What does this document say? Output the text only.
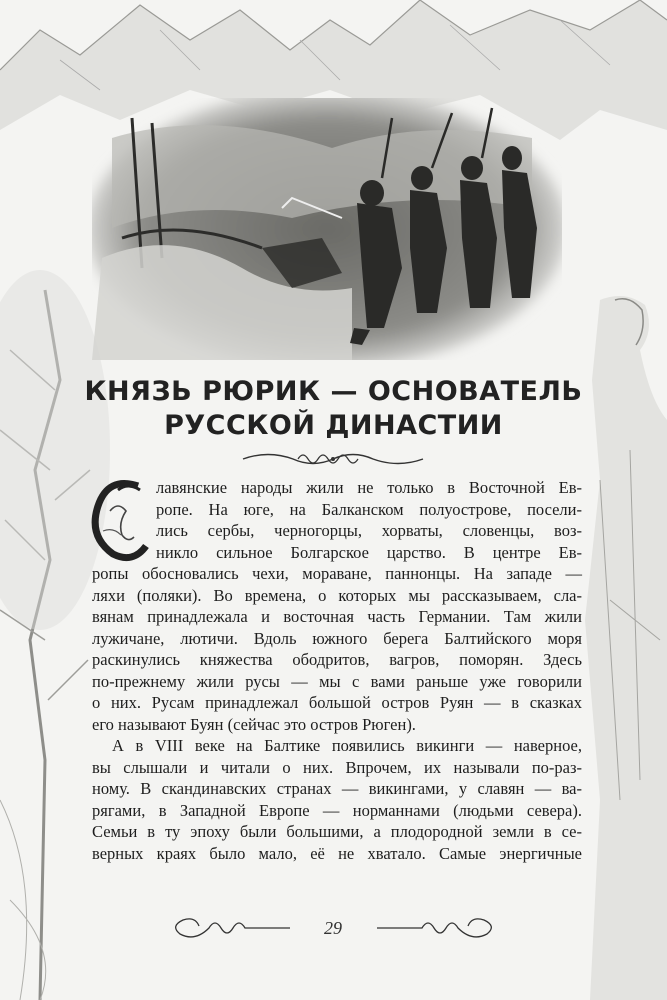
КНЯЗЬ РЮРИК — ОСНОВАТЕЛЬ
РУССКОЙ ДИНАСТИИ
С
лавянские народы жили не только в Восточной Ев-
ропе. На юге, на Балканском полуострове, посели-
лись сербы, черногорцы, хорваты, словенцы, воз-
никло сильное Болгарское царство. В центре Ев-
ропы обосновались чехи, мораване, паннонцы. На западе —
ляхи (поляки). Во времена, о которых мы рассказываем, сла-
вянам принадлежала и восточная часть Германии. Там жили
лужичане, лютичи. Вдоль южного берега Балтийского моря
раскинулись княжества ободритов, вагров, поморян. Здесь
по-прежнему жили русы — мы с вами раньше уже говорили
о них. Русам принадлежал большой остров Руян — в сказках
его называют Буян (сейчас это остров Рюген).
А в VIII веке на Балтике появились викинги — наверное,
вы слышали и читали о них. Впрочем, их называли по-раз-
ному. В скандинавских странах — викингами, у славян — ва-
рягами, в Западной Европе — норманнами (людьми севера).
Семьи в ту эпоху были большими, а плодородной земли в се-
верных краях было мало, её не хватало. Самые энергичные
29
